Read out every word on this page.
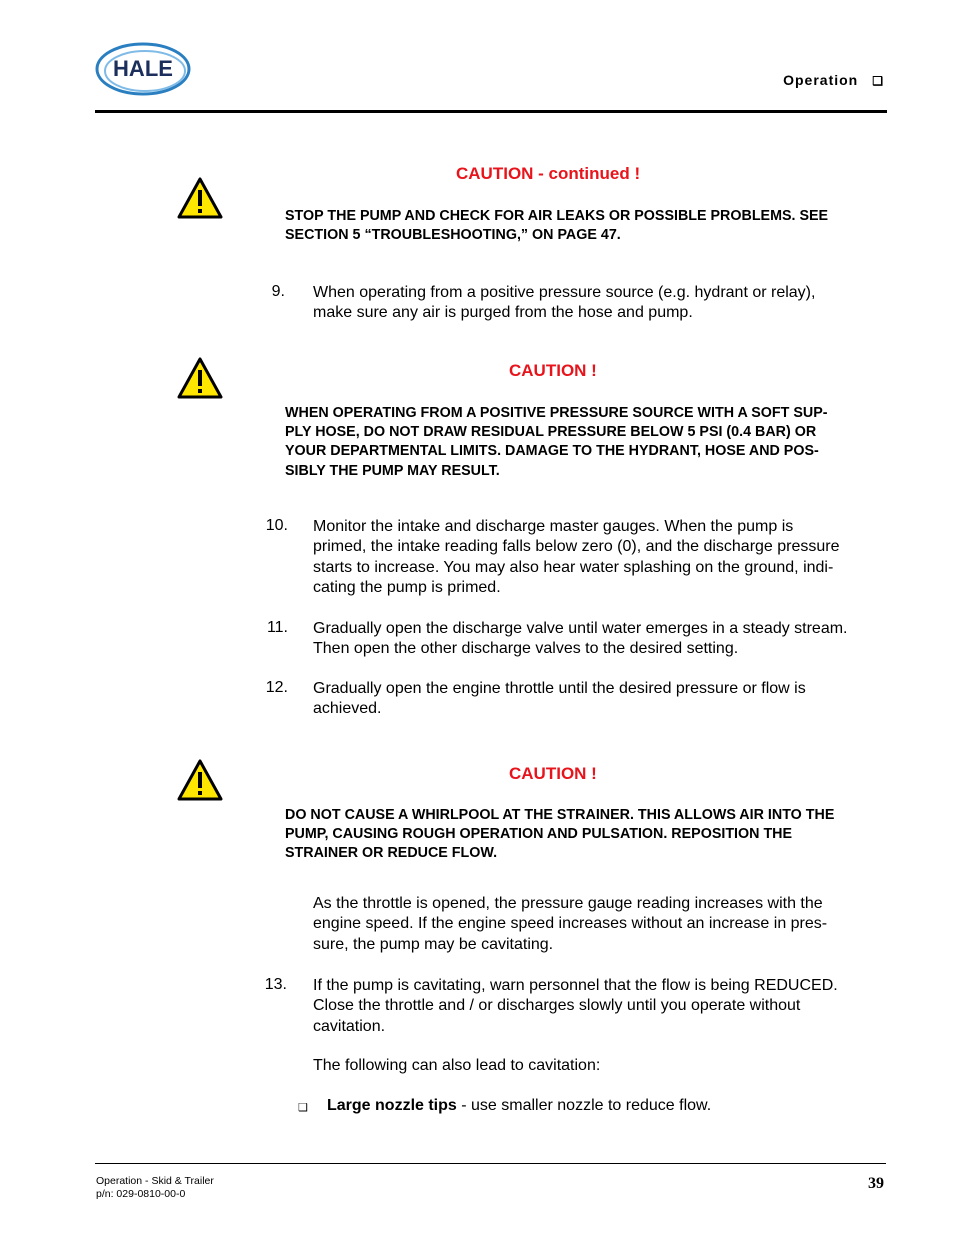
HALE	Operation ❑
CAUTION - continued !
STOP THE PUMP AND CHECK FOR AIR LEAKS OR POSSIBLE PROBLEMS. SEE
SECTION 5 “TROUBLESHOOTING,” ON PAGE 47.
9. When operating from a positive pressure source (e.g. hydrant or relay),
make sure any air is purged from the hose and pump.
CAUTION !
WHEN OPERATING FROM A POSITIVE PRESSURE SOURCE WITH A SOFT SUP-
PLY HOSE, DO NOT DRAW RESIDUAL PRESSURE BELOW 5 PSI (0.4 BAR) OR
YOUR DEPARTMENTAL LIMITS. DAMAGE TO THE HYDRANT, HOSE AND POS-
SIBLY THE PUMP MAY RESULT.
10. Monitor the intake and discharge master gauges. When the pump is
primed, the intake reading falls below zero (0), and the discharge pressure
starts to increase. You may also hear water splashing on the ground, indi-
cating the pump is primed.
11. Gradually open the discharge valve until water emerges in a steady stream.
Then open the other discharge valves to the desired setting.
12. Gradually open the engine throttle until the desired pressure or flow is
achieved.
CAUTION !
DO NOT CAUSE A WHIRLPOOL AT THE STRAINER. THIS ALLOWS AIR INTO THE
PUMP, CAUSING ROUGH OPERATION AND PULSATION. REPOSITION THE
STRAINER OR REDUCE FLOW.
As the throttle is opened, the pressure gauge reading increases with the
engine speed. If the engine speed increases without an increase in pres-
sure, the pump may be cavitating.
13. If the pump is cavitating, warn personnel that the flow is being REDUCED.
Close the throttle and / or discharges slowly until you operate without
cavitation.
The following can also lead to cavitation:
❑ Large nozzle tips - use smaller nozzle to reduce flow.
Operation - Skid & Trailer
p/n: 029-0810-00-0
39
